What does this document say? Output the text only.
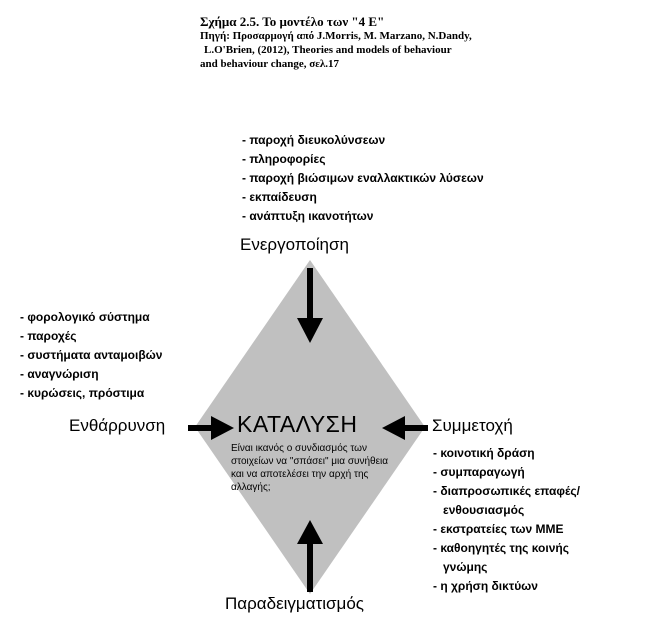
Σχήμα 2.5. Το μοντέλο των "4 Ε"
Πηγή: Προσαρμογή από J.Morris, M. Marzano, N.Dandy,
L.O'Brien, (2012), Theories and models of behaviour
and behaviour change, σελ.17
- παροχή διευκολύνσεων
- πληροφορίες
- παροχή βιώσιμων εναλλακτικών λύσεων
- εκπαίδευση
- ανάπτυξη ικανοτήτων
Ενεργοποίηση
- φορολογικό σύστημα
- παροχές
- συστήματα ανταμοιβών
- αναγνώριση
- κυρώσεις, πρόστιμα
Ενθάρρυνση	Συμμετοχή
- κοινοτική δράση
- συμπαραγωγή
- διαπροσωπικές επαφές/
ενθουσιασμός
- εκστρατείες των ΜΜΕ
- καθοηγητές της κοινής
γνώμης
- η χρήση δικτύων
Παραδειγματισμός
ΚΑΤΑΛΥΣΗ
Είναι ικανός ο συνδιασμός των στοιχείων να "σπάσει" μια συνήθεια και να αποτελέσει την αρχή της αλλαγής;
